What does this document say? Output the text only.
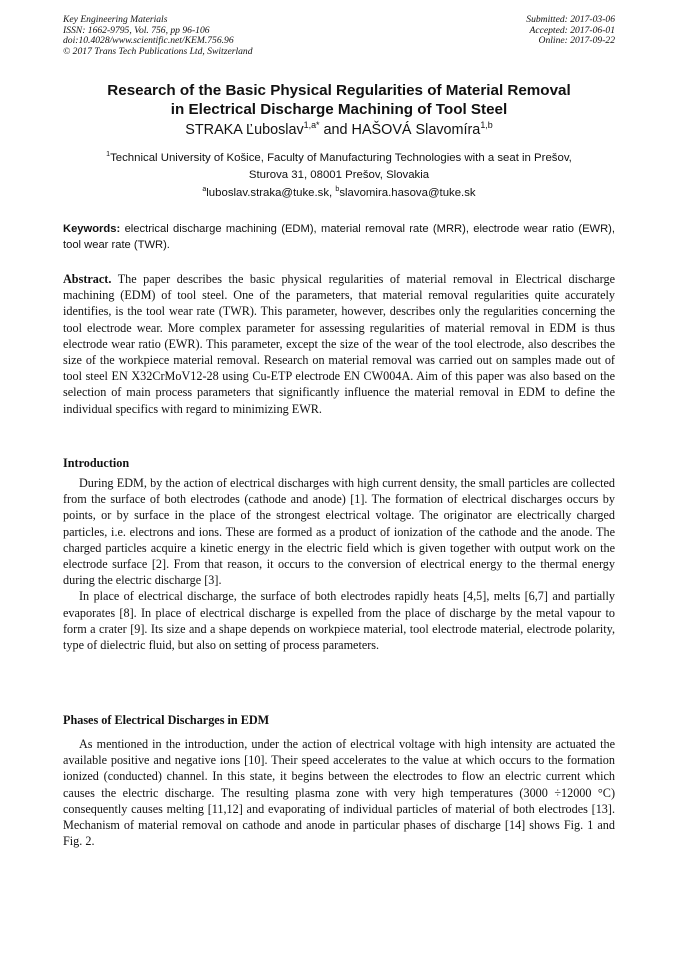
Key Engineering Materials
ISSN: 1662-9795, Vol. 756, pp 96-106
doi:10.4028/www.scientific.net/KEM.756.96
© 2017 Trans Tech Publications Ltd, Switzerland
Submitted: 2017-03-06
Accepted: 2017-06-01
Online: 2017-09-22
Research of the Basic Physical Regularities of Material Removal
in Electrical Discharge Machining of Tool Steel
STRAKA Ľuboslav$^{1,a*}$ and HAŠOVÁ Slavomíra$^{1,b}$
$^1$Technical University of Košice, Faculty of Manufacturing Technologies with a seat in Prešov,
Sturova 31, 08001 Prešov, Slovakia
$^a$luboslav.straka@tuke.sk, $^b$slavomira.hasova@tuke.sk
Keywords: electrical discharge machining (EDM), material removal rate (MRR), electrode wear ratio (EWR), tool wear rate (TWR).

Abstract. The paper describes the basic physical regularities of material removal in Electrical discharge machining (EDM) of tool steel. One of the parameters, that material removal regularities quite accurately identifies, is the tool wear rate (TWR). This parameter, however, describes only the regularities concerning the tool electrode wear. More complex parameter for assessing regularities of material removal in EDM is thus electrode wear ratio (EWR). This parameter, except the size of the wear of the tool electrode, also describes the size of the workpiece material removal. Research on material removal was carried out on samples made out of tool steel EN X32CrMoV12-28 using Cu-ETP electrode EN CW004A. Aim of this paper was also based on the selection of main process parameters that significantly influence the material removal in EDM to define the individual specifics with regard to minimizing EWR.

Introduction

During EDM, by the action of electrical discharges with high current density, the small particles are collected from the surface of both electrodes (cathode and anode) [1]. The formation of electrical discharges occurs by points, or by surface in the place of the strongest electrical voltage. The originator are electrically charged particles, i.e. electrons and ions. These are formed as a product of ionization of the cathode and the anode. The charged particles acquire a kinetic energy in the electric field which is given together with output work on the electrode surface [2]. From that reason, it occurs to the conversion of electrical energy to the thermal energy during the electric discharge [3].

In place of electrical discharge, the surface of both electrodes rapidly heats [4,5], melts [6,7] and partially evaporates [8]. In place of electrical discharge is expelled from the place of discharge by the metal vapour to form a crater [9]. Its size and a shape depends on workpiece material, tool electrode material, electrode polarity, type of dielectric fluid, but also on setting of process parameters.

Phases of Electrical Discharges in EDM

As mentioned in the introduction, under the action of electrical voltage with high intensity are actuated the available positive and negative ions [10]. Their speed accelerates to the value at which occurs to the formation ionized (conducted) channel. In this state, it begins between the electrodes to flow an electric current which causes the electric discharge. The resulting plasma zone with very high temperatures (3000 ÷12000 °C) consequently causes melting [11,12] and evaporating of individual particles of material of both electrodes [13]. Mechanism of material removal on cathode and anode in particular phases of discharge [14] shows Fig. 1 and Fig. 2.
